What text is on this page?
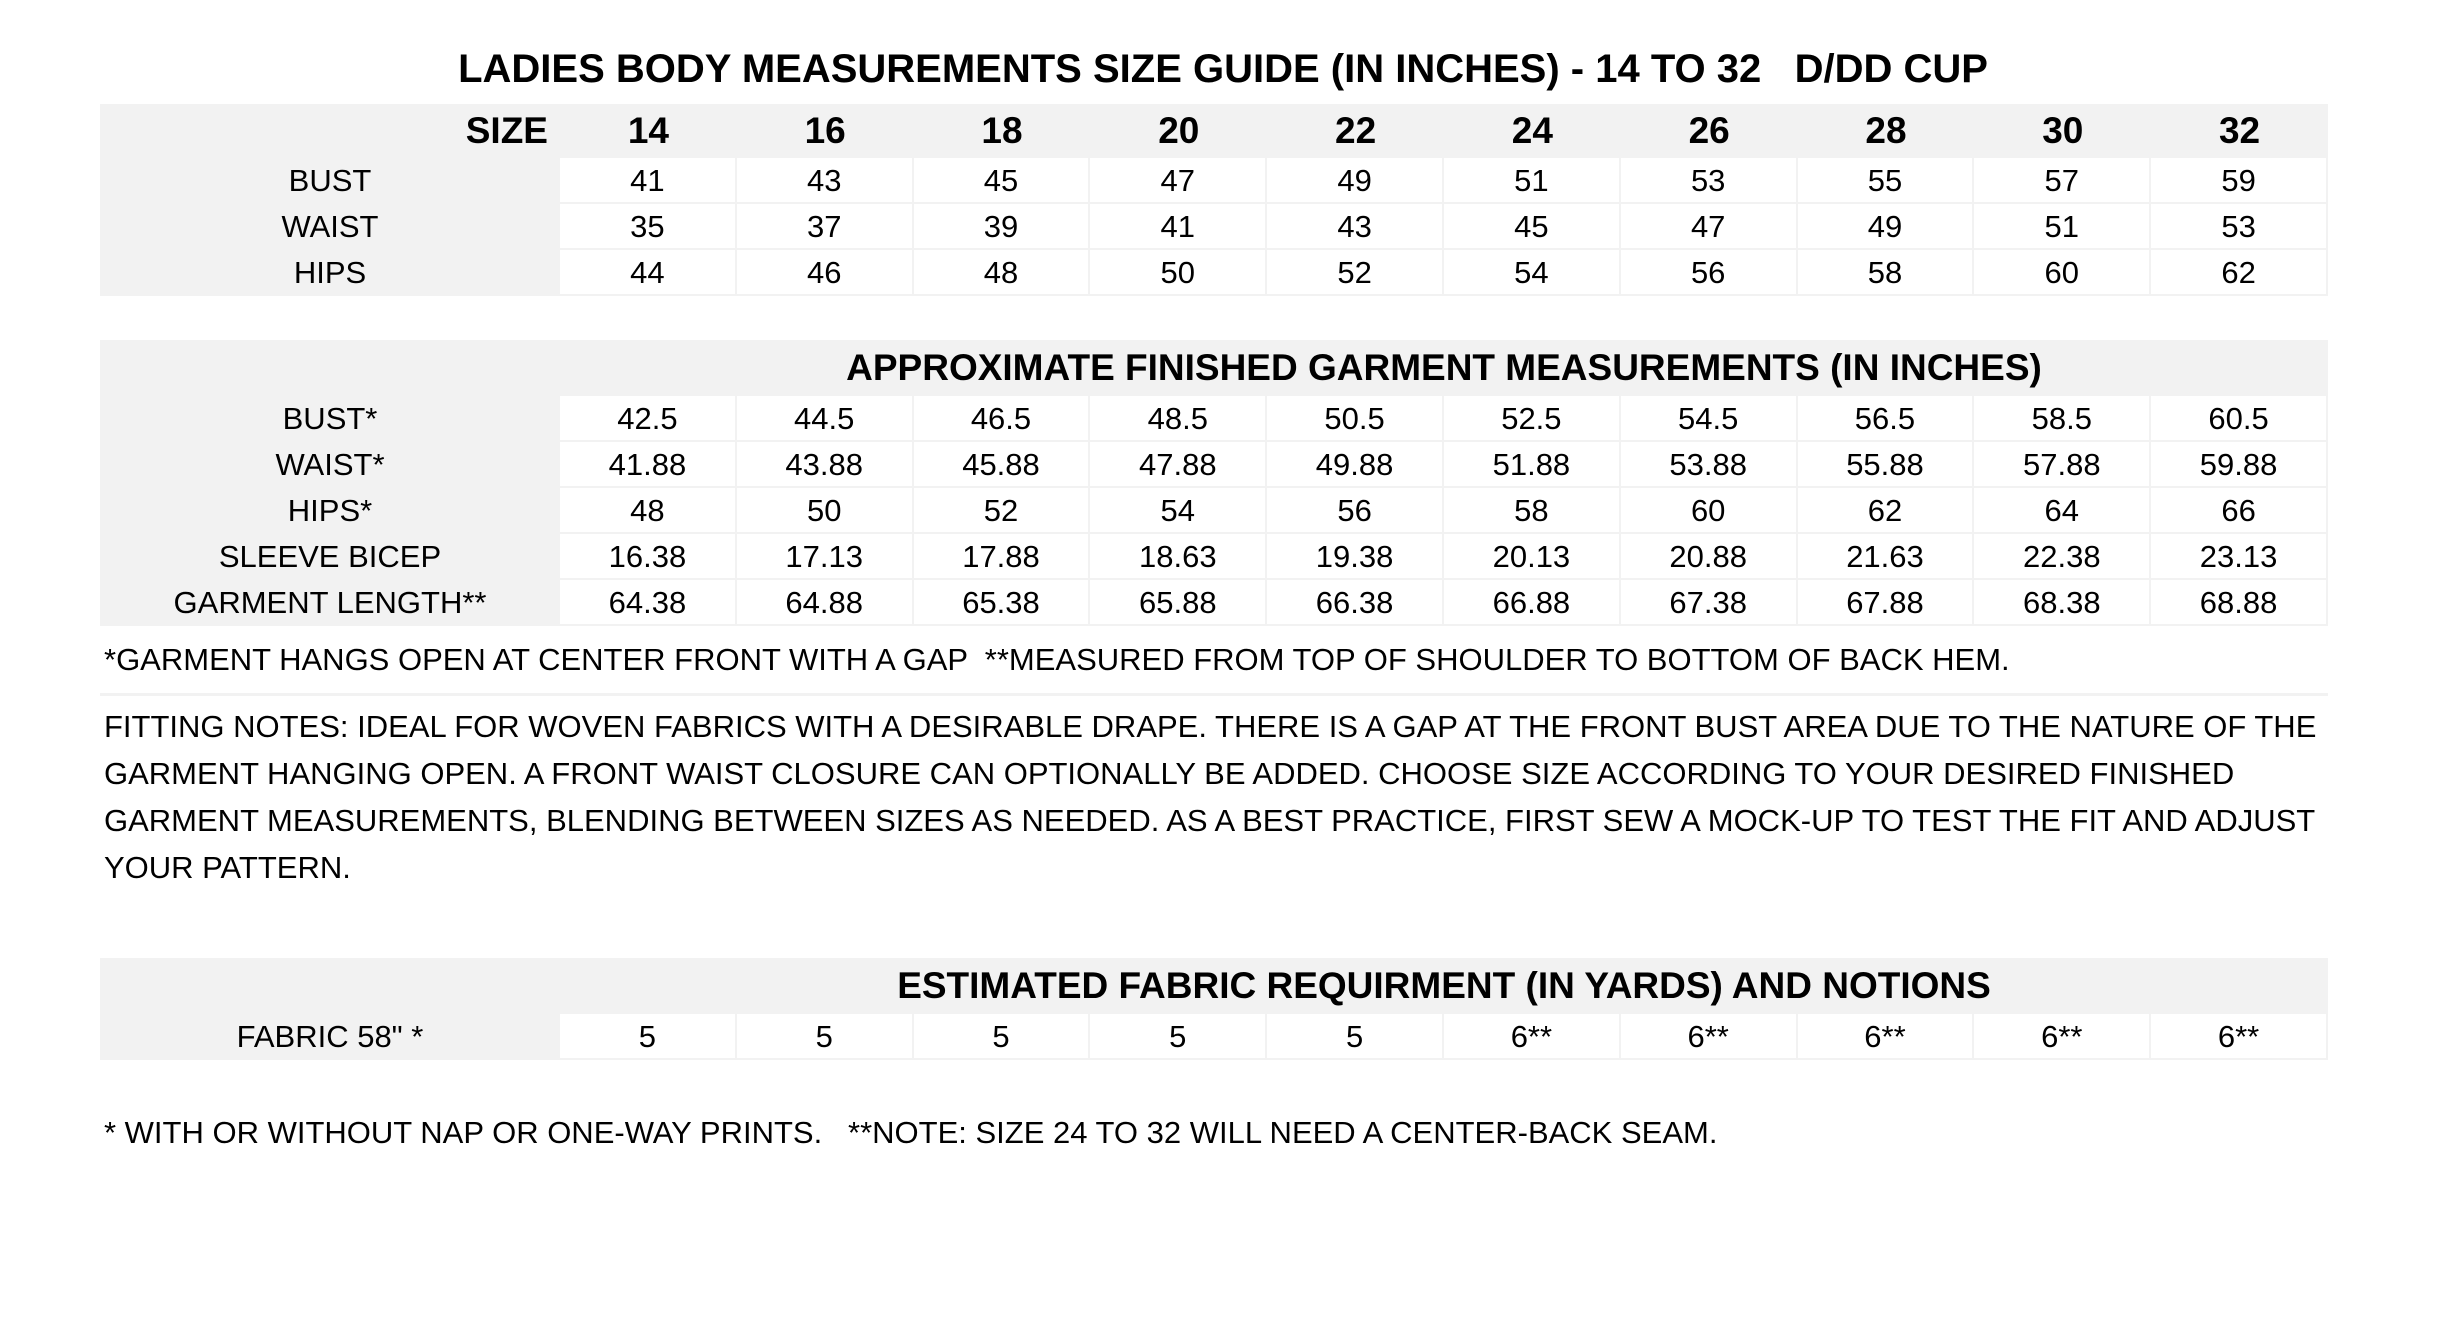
LADIES BODY MEASUREMENTS SIZE GUIDE (IN INCHES) - 14 TO 32   D/DD CUP
SIZE	14	16	18	20	22	24	26	28	30	32
BUST	41	43	45	47	49	51	53	55	57	59
WAIST	35	37	39	41	43	45	47	49	51	53
HIPS	44	46	48	50	52	54	56	58	60	62
APPROXIMATE FINISHED GARMENT MEASUREMENTS (IN INCHES)
BUST*	42.5	44.5	46.5	48.5	50.5	52.5	54.5	56.5	58.5	60.5
WAIST*	41.88	43.88	45.88	47.88	49.88	51.88	53.88	55.88	57.88	59.88
HIPS*	48	50	52	54	56	58	60	62	64	66
SLEEVE BICEP	16.38	17.13	17.88	18.63	19.38	20.13	20.88	21.63	22.38	23.13
GARMENT LENGTH**	64.38	64.88	65.38	65.88	66.38	66.88	67.38	67.88	68.38	68.88
*GARMENT HANGS OPEN AT CENTER FRONT WITH A GAP  **MEASURED FROM TOP OF SHOULDER TO BOTTOM OF BACK HEM.
FITTING NOTES: IDEAL FOR WOVEN FABRICS WITH A DESIRABLE DRAPE. THERE IS A GAP AT THE FRONT BUST AREA DUE TO THE NATURE OF THE
GARMENT HANGING OPEN. A FRONT WAIST CLOSURE CAN OPTIONALLY BE ADDED. CHOOSE SIZE ACCORDING TO YOUR DESIRED FINISHED
GARMENT MEASUREMENTS, BLENDING BETWEEN SIZES AS NEEDED. AS A BEST PRACTICE, FIRST SEW A MOCK-UP TO TEST THE FIT AND ADJUST
YOUR PATTERN.
ESTIMATED FABRIC REQUIRMENT (IN YARDS) AND NOTIONS
FABRIC 58" *	5	5	5	5	5	6**	6**	6**	6**	6**
* WITH OR WITHOUT NAP OR ONE-WAY PRINTS.   **NOTE: SIZE 24 TO 32 WILL NEED A CENTER-BACK SEAM.
